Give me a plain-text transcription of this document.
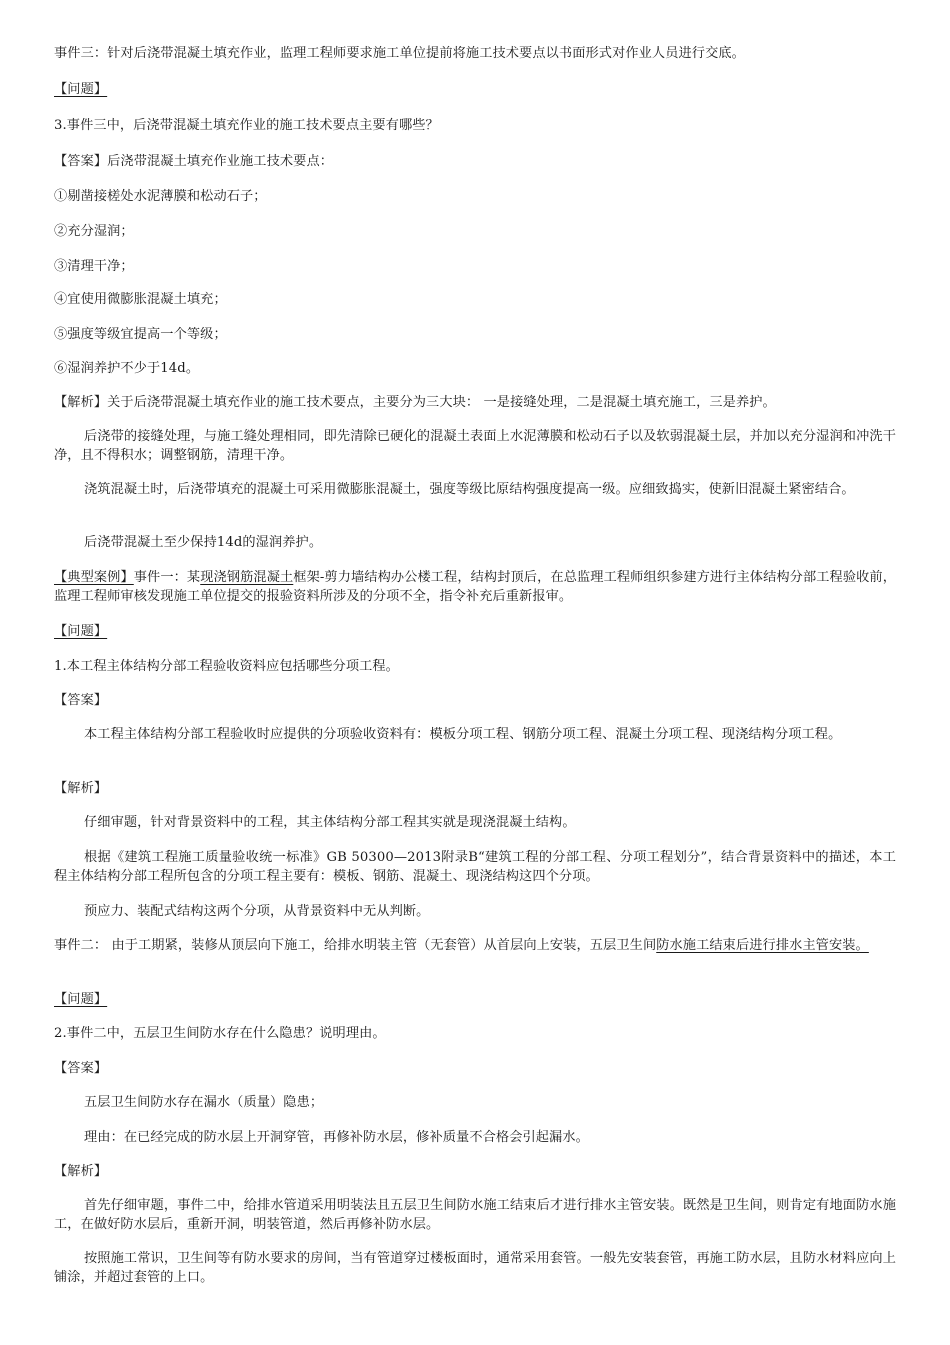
事件三：针对后浇带混凝土填充作业，监理工程师要求施工单位提前将施工技术要点以书面形式对作业人员进行交底。
【问题】
3.事件三中，后浇带混凝土填充作业的施工技术要点主要有哪些？
【答案】后浇带混凝土填充作业施工技术要点：
①剔凿接槎处水泥薄膜和松动石子；
②充分湿润；
③清理干净；
④宜使用微膨胀混凝土填充；
⑤强度等级宜提高一个等级；
⑥湿润养护不少于14d。
【解析】关于后浇带混凝土填充作业的施工技术要点，主要分为三大块： 一是接缝处理，二是混凝土填充施工，三是养护。
后浇带的接缝处理，与施工缝处理相同，即先清除已硬化的混凝土表面上水泥薄膜和松动石子以及软弱混凝土层，并加以充分湿润和冲洗干净，且不得积水；调整钢筋，清理干净。
浇筑混凝土时，后浇带填充的混凝土可采用微膨胀混凝土，强度等级比原结构强度提高一级。应细致捣实，使新旧混凝土紧密结合。
后浇带混凝土至少保持14d的湿润养护。
【典型案例】事件一：某现浇钢筋混凝土框架-剪力墙结构办公楼工程，结构封顶后，在总监理工程师组织参建方进行主体结构分部工程验收前，监理工程师审核发现施工单位提交的报验资料所涉及的分项不全，指令补充后重新报审。
【问题】
1.本工程主体结构分部工程验收资料应包括哪些分项工程。
【答案】
本工程主体结构分部工程验收时应提供的分项验收资料有：模板分项工程、钢筋分项工程、混凝土分项工程、现浇结构分项工程。
【解析】
仔细审题，针对背景资料中的工程，其主体结构分部工程其实就是现浇混凝土结构。
根据《建筑工程施工质量验收统一标准》GB 50300—2013附录B“建筑工程的分部工程、分项工程划分”，结合背景资料中的描述，本工程主体结构分部工程所包含的分项工程主要有：模板、钢筋、混凝土、现浇结构这四个分项。
预应力、装配式结构这两个分项，从背景资料中无从判断。
事件二： 由于工期紧，装修从顶层向下施工，给排水明装主管（无套管）从首层向上安装，五层卫生间防水施工结束后进行排水主管安装。
【问题】
2.事件二中，五层卫生间防水存在什么隐患？说明理由。
【答案】
五层卫生间防水存在漏水（质量）隐患；
理由：在已经完成的防水层上开洞穿管，再修补防水层，修补质量不合格会引起漏水。
【解析】
首先仔细审题，事件二中，给排水管道采用明装法且五层卫生间防水施工结束后才进行排水主管安装。既然是卫生间，则肯定有地面防水施工，在做好防水层后，重新开洞，明装管道，然后再修补防水层。
按照施工常识，卫生间等有防水要求的房间，当有管道穿过楼板面时，通常采用套管。一般先安装套管，再施工防水层，且防水材料应向上铺涂，并超过套管的上口。
